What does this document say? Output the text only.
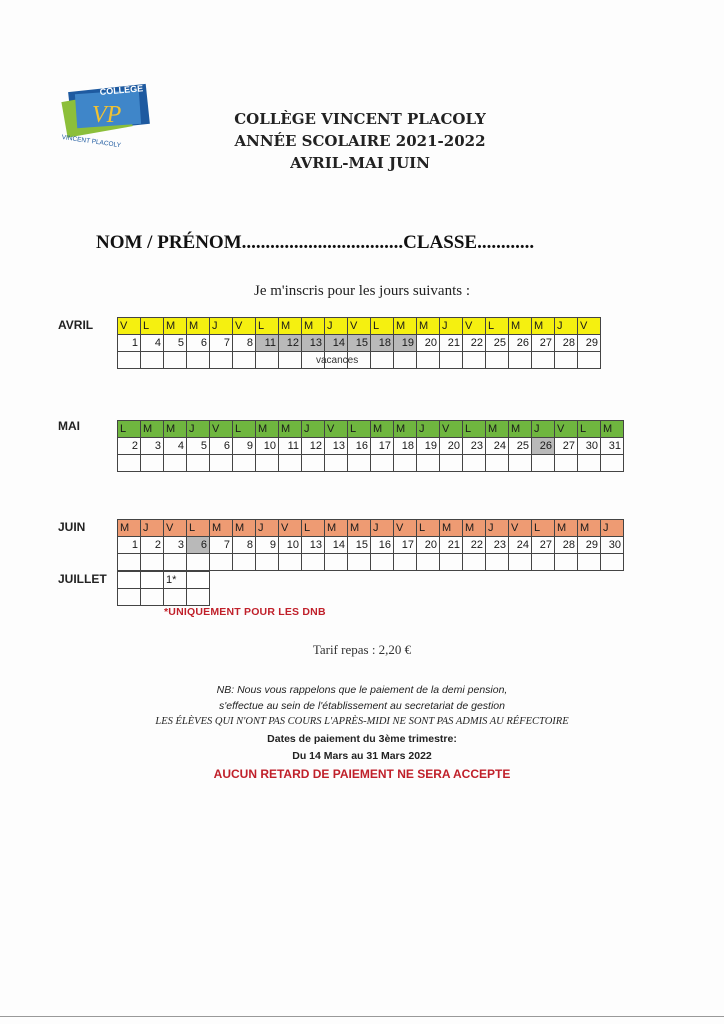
COLLÈGE
VP
VINCENT PLACOLY
COLLÈGE VINCENT PLACOLY
ANNÉE SCOLAIRE 2021-2022
AVRIL-MAI JUIN
NOM / PRÉNOM..................................CLASSE............
Je m'inscris pour les jours suivants :
AVRIL V	L	M	M	J	V	L	M	M	J	V	L	M	M	J	V	L	M	M	J	V
1	4	5	6	7	8	11	12	13	14	15	18	19	20	21	22	25	26	27	28	29

vacances
MAI	L	M	M	J	V	L	M	M	J	V	L	M	M	J	V	L	M	M	J	V	L	M
2	3	4	5	6	9	10	11	12	13	16	17	18	19	20	23	24	25	26	27	30	31

JUIN	M	J	V	L	M	M	J	V	L	M	M	J	V	L	M	M	J	V	L	M	M	J
1	2	3	6	7	8	9	10	13	14	15	16	17	20	21	22	23	24	27	28	29	30

JUILLET
			1*	

*UNIQUEMENT POUR LES DNB
Tarif repas : 2,20 €
NB: Nous vous rappelons que le paiement de la demi pension,
s'effectue au sein de l'établissement au secretariat de gestion
LES ÉLÈVES QUI N'ONT PAS COURS L'APRÈS-MIDI NE SONT PAS ADMIS AU RÉFECTOIRE
Dates de paiement du 3ème trimestre:
Du 14 Mars au 31 Mars 2022
AUCUN RETARD DE PAIEMENT NE SERA ACCEPTE
